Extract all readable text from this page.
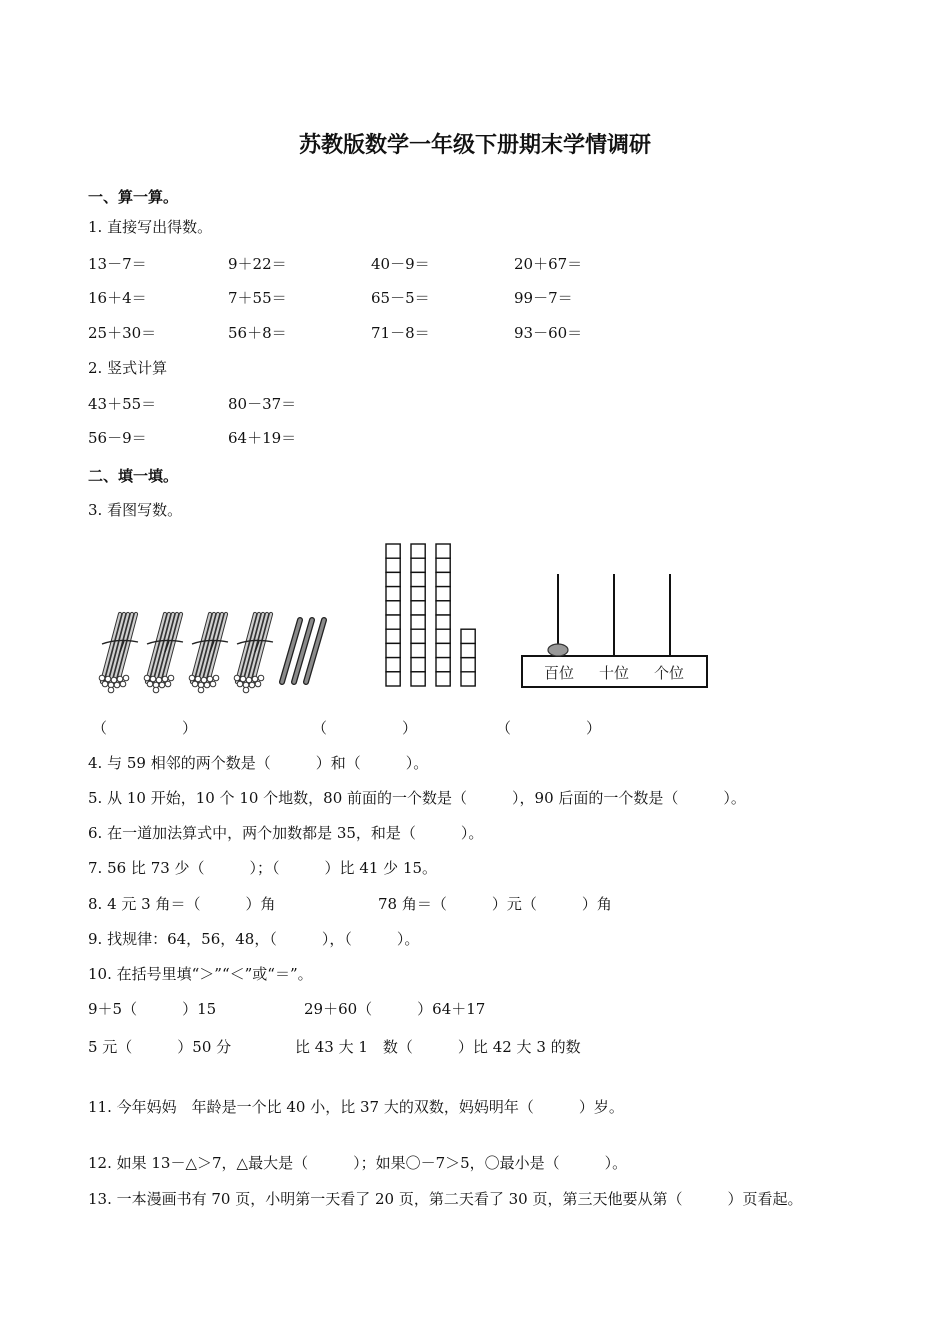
苏教版数学一年级下册期末学情调研
一、算一算。
1. 直接写出得数。
13－7＝	9＋22＝	40－9＝	20＋67＝
16＋4＝	7＋55＝	65－5＝	99－7＝
25＋30＝	56＋8＝	71－8＝	93－60＝
2. 竖式计算
43＋55＝	80－37＝
56－9＝	64＋19＝
二、填一填。
3. 看图写数。
百位 十位 个位
（　　　　　）	（　　　　　）	（　　　　　）
4. 与 59 相邻的两个数是（　　　）和（　　　）。
5. 从 10 开始，10 个 10 个地数，80 前面的一个数是（　　　），90 后面的一个数是（　　　）。
6. 在一道加法算式中，两个加数都是 35，和是（　　　）。
7. 56 比 73 少（　　　）；（　　　）比 41 少 15。
8. 4 元 3 角＝（　　　）角	78 角＝（　　　）元（　　　）角
9. 找规律：64，56，48，（　　　），（　　　）。
10. 在括号里填“＞”“＜”或“＝”。
9＋5（　　　）15	29＋60（　　　）64＋17
5 元（　　　）50 分	比 43 大 1　数（　　　）比 42 大 3 的数
11. 今年妈妈　年龄是一个比 40 小，比 37 大的双数，妈妈明年（　　　）岁。
12. 如果 13－△＞7，△最大是（　　　）；如果〇－7＞5，〇最小是（　　　）。
13. 一本漫画书有 70 页，小明第一天看了 20 页，第二天看了 30 页，第三天他要从第（　　　）页看起。
